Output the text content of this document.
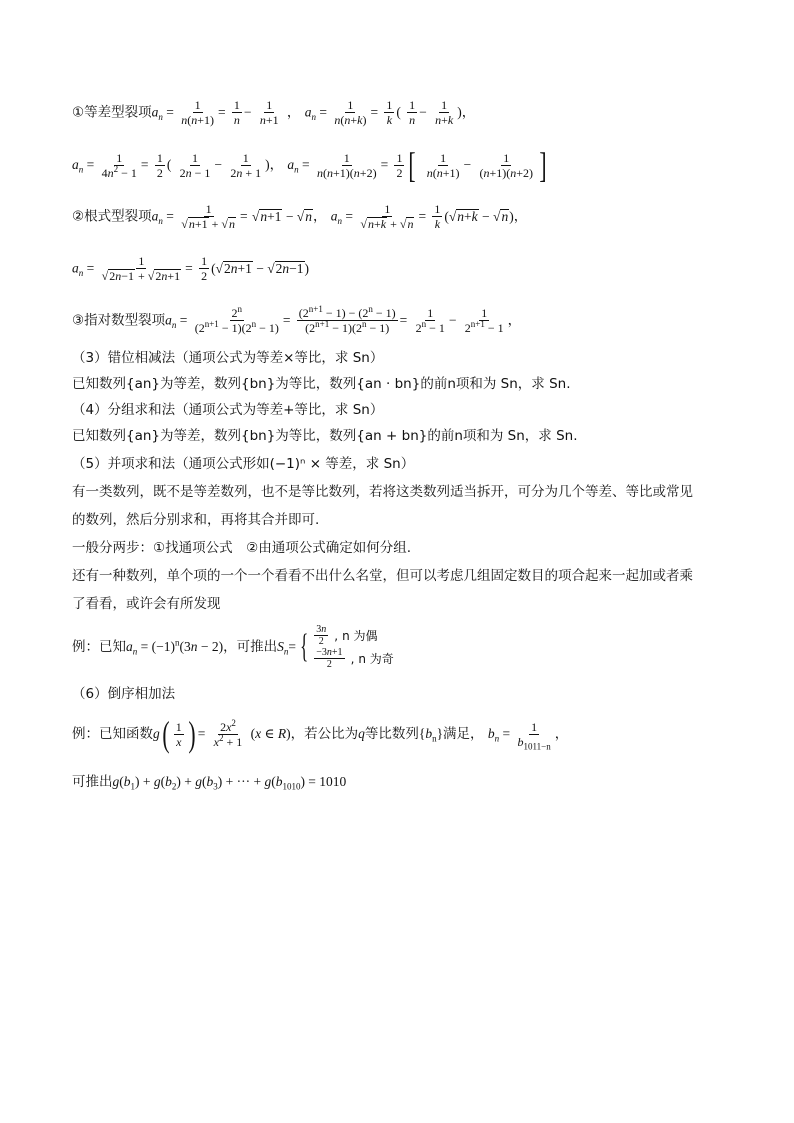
①等差型裂项$a_n = \frac{1}{n(n+1)} = \frac{1}{n} - \frac{1}{n+1}$ ， $a_n = \frac{1}{n(n+k)} = \frac{1}{k}$ ( $\frac{1}{n} - \frac{1}{n+k}$ )，
$a_n = \frac{1}{4n^2 - 1} = \frac{1}{2}$ ( $\frac{1}{2n - 1} - \frac{1}{2n + 1}$ )， $a_n = \frac{1}{n(n+1)(n+2)} = \frac{1}{2}$ [ $\frac{1}{n(n+1)} - \frac{1}{(n+1)(n+2)}$ ]
②根式型裂项$a_n = \frac{1}{√n+1 + √n} = √n+1 - √n$， $a_n = \frac{1}{√n+k + √n} = \frac{1}{k} (√n+k - √n)$，
$a_n = \frac{1}{√2n-1 + √2n+1} = \frac{1}{2} (√2n+1 - √2n-1)$
③指对数型裂项$a_n = \frac{2^n}{(2^{n+1} - 1)(2^n - 1)} = \frac{(2^{n+1} - 1) - (2^n - 1)}{(2^{n+1} - 1)(2^n - 1)} = \frac{1}{2^n - 1} - \frac{1}{2^{n+1} - 1}$ ，
（3）错位相减法（通项公式为等差×等比，求 Sn）
已知数列{an}为等差，数列{bn}为等比，数列{an · bn}的前n项和为 Sn，求 Sn.
（4）分组求和法（通项公式为等差+等比，求 Sn）
已知数列{an}为等差，数列{bn}为等比，数列{an + bn}的前n项和为 Sn，求 Sn.
（5）并项求和法（通项公式形如(−1)ⁿ × 等差，求 Sn）
有一类数列，既不是等差数列，也不是等比数列，若将这类数列适当拆开，可分为几个等差、等比或常见
的数列，然后分别求和，再将其合并即可.
一般分两步：①找通项公式　②由通项公式确定如何分组.
还有一种数列，单个项的一个一个看看不出什么名堂，但可以考虑几组固定数目的项合起来一起加或者乘
了看看，或许会有所发现
例：已知$a_n = (-1)^n(3n - 2)$，可推出$S_n=$ { $\frac{3n}{2}$ , n 为偶
$\frac{-3n+1}{2}$ , n 为奇
（6）倒序相加法
例：已知函数$g( \frac{1}{x}$ ) = $\frac{2x^2}{x^2 + 1} (x$ ∈ R)，若公比为q等比数列$\{b_n\}$满足， $b_n = \frac{1}{b_{1011-n}}$ ，
可推出$g(b_1) + g(b_2) + g(b_3)$ + ··· + $g(b_{1010}) = 1010$
